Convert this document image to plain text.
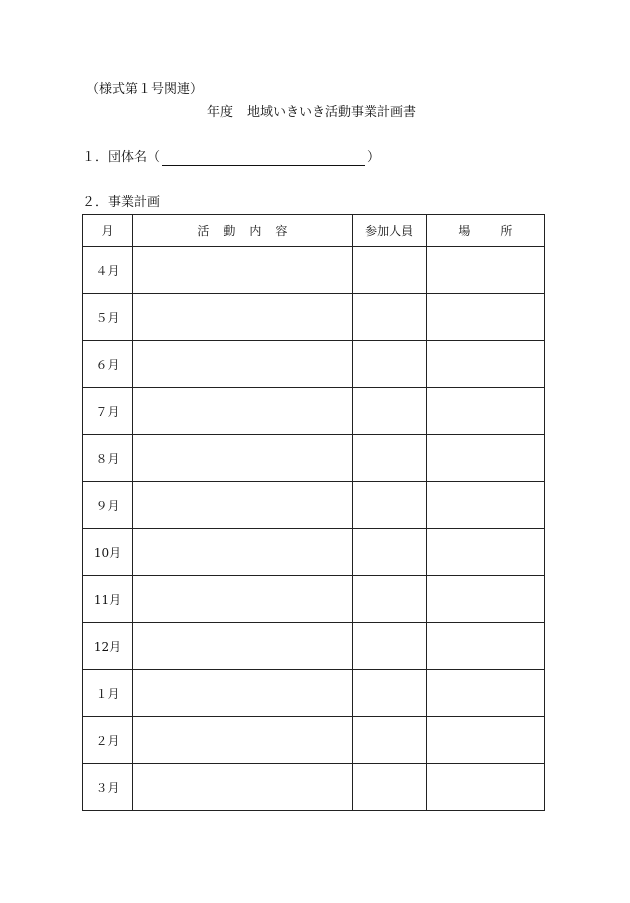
（様式第１号関連）
年度 地域いきいき活動事業計画書
１．団体名（	）
２．事業計画
月	活動内容	参加人員	場所
４月			
５月			
６月			
７月			
８月			
９月			
10月			
11月			
12月			
１月			
２月			
３月			
